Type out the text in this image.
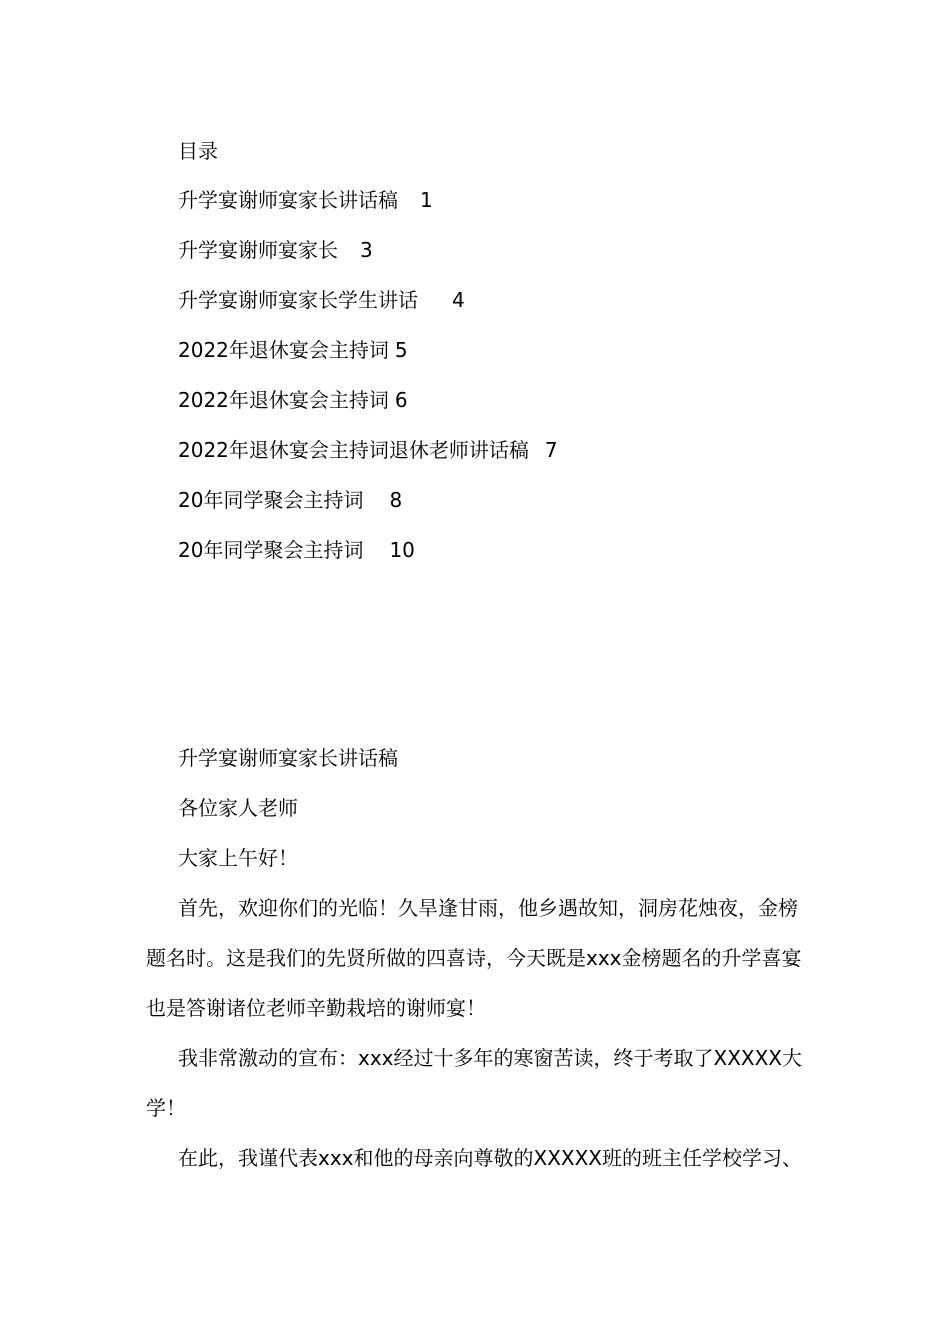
目录
升学宴谢师宴家长讲话稿 1
升学宴谢师宴家长 3
升学宴谢师宴家长学生讲话 4
2022年退休宴会主持词 5
2022年退休宴会主持词 6
2022年退休宴会主持词退休老师讲话稿 7
20年同学聚会主持词 8
20年同学聚会主持词 10

升学宴谢师宴家长讲话稿

各位家人老师

大家上午好！

首先，欢迎你们的光临！久旱逢甘雨，他乡遇故知，洞房花烛夜，金榜题名时。这是我们的先贤所做的四喜诗，今天既是xxx金榜题名的升学喜宴也是答谢诸位老师辛勤栽培的谢师宴！

我非常激动的宣布：xxx经过十多年的寒窗苦读，终于考取了XXXXX大学！

在此，我谨代表xxx和他的母亲向尊敬的XXXXX班的班主任学校学习、
